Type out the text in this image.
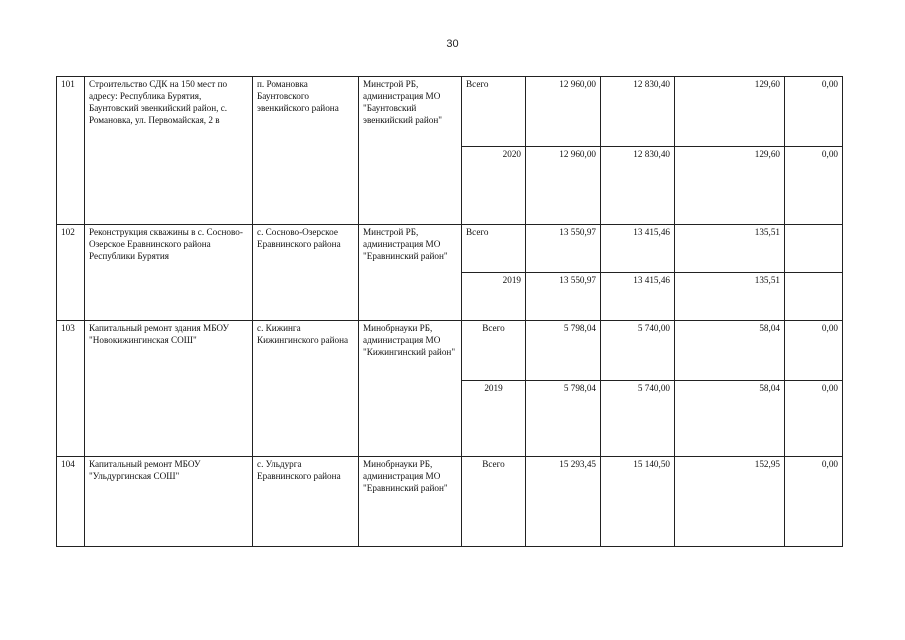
30
101	Строительство СДК на 150 мест по адресу: Республика Бурятия, Баунтовский эвенкийский район, с. Романовка, ул. Первомайская, 2 в	п. Романовка Баунтовского эвенкийского района	Минстрой РБ, администрация МО "Баунтовский эвенкийский район"	Всего	12 960,00	12 830,40	129,60	0,00
				2020	12 960,00	12 830,40	129,60	0,00
102	Реконструкция скважины в с. Сосново-Озерское Еравнинского района Республики Бурятия	с. Сосново-Озерское Еравнинского района	Минстрой РБ, администрация МО "Еравнинский район"	Всего	13 550,97	13 415,46	135,51	
				2019	13 550,97	13 415,46	135,51	
103	Капитальный ремонт здания МБОУ "Новокижингинская СОШ"	с. Кижинга Кижингинского района	Минобрнауки РБ, администрация МО "Кижингинский район"	Всего	5 798,04	5 740,00	58,04	0,00
				2019	5 798,04	5 740,00	58,04	0,00
104	Капитальный ремонт МБОУ "Ульдургинская СОШ"	с. Ульдурга Еравнинского района	Минобрнауки РБ, администрация МО "Еравнинский район"	Всего	15 293,45	15 140,50	152,95	0,00
